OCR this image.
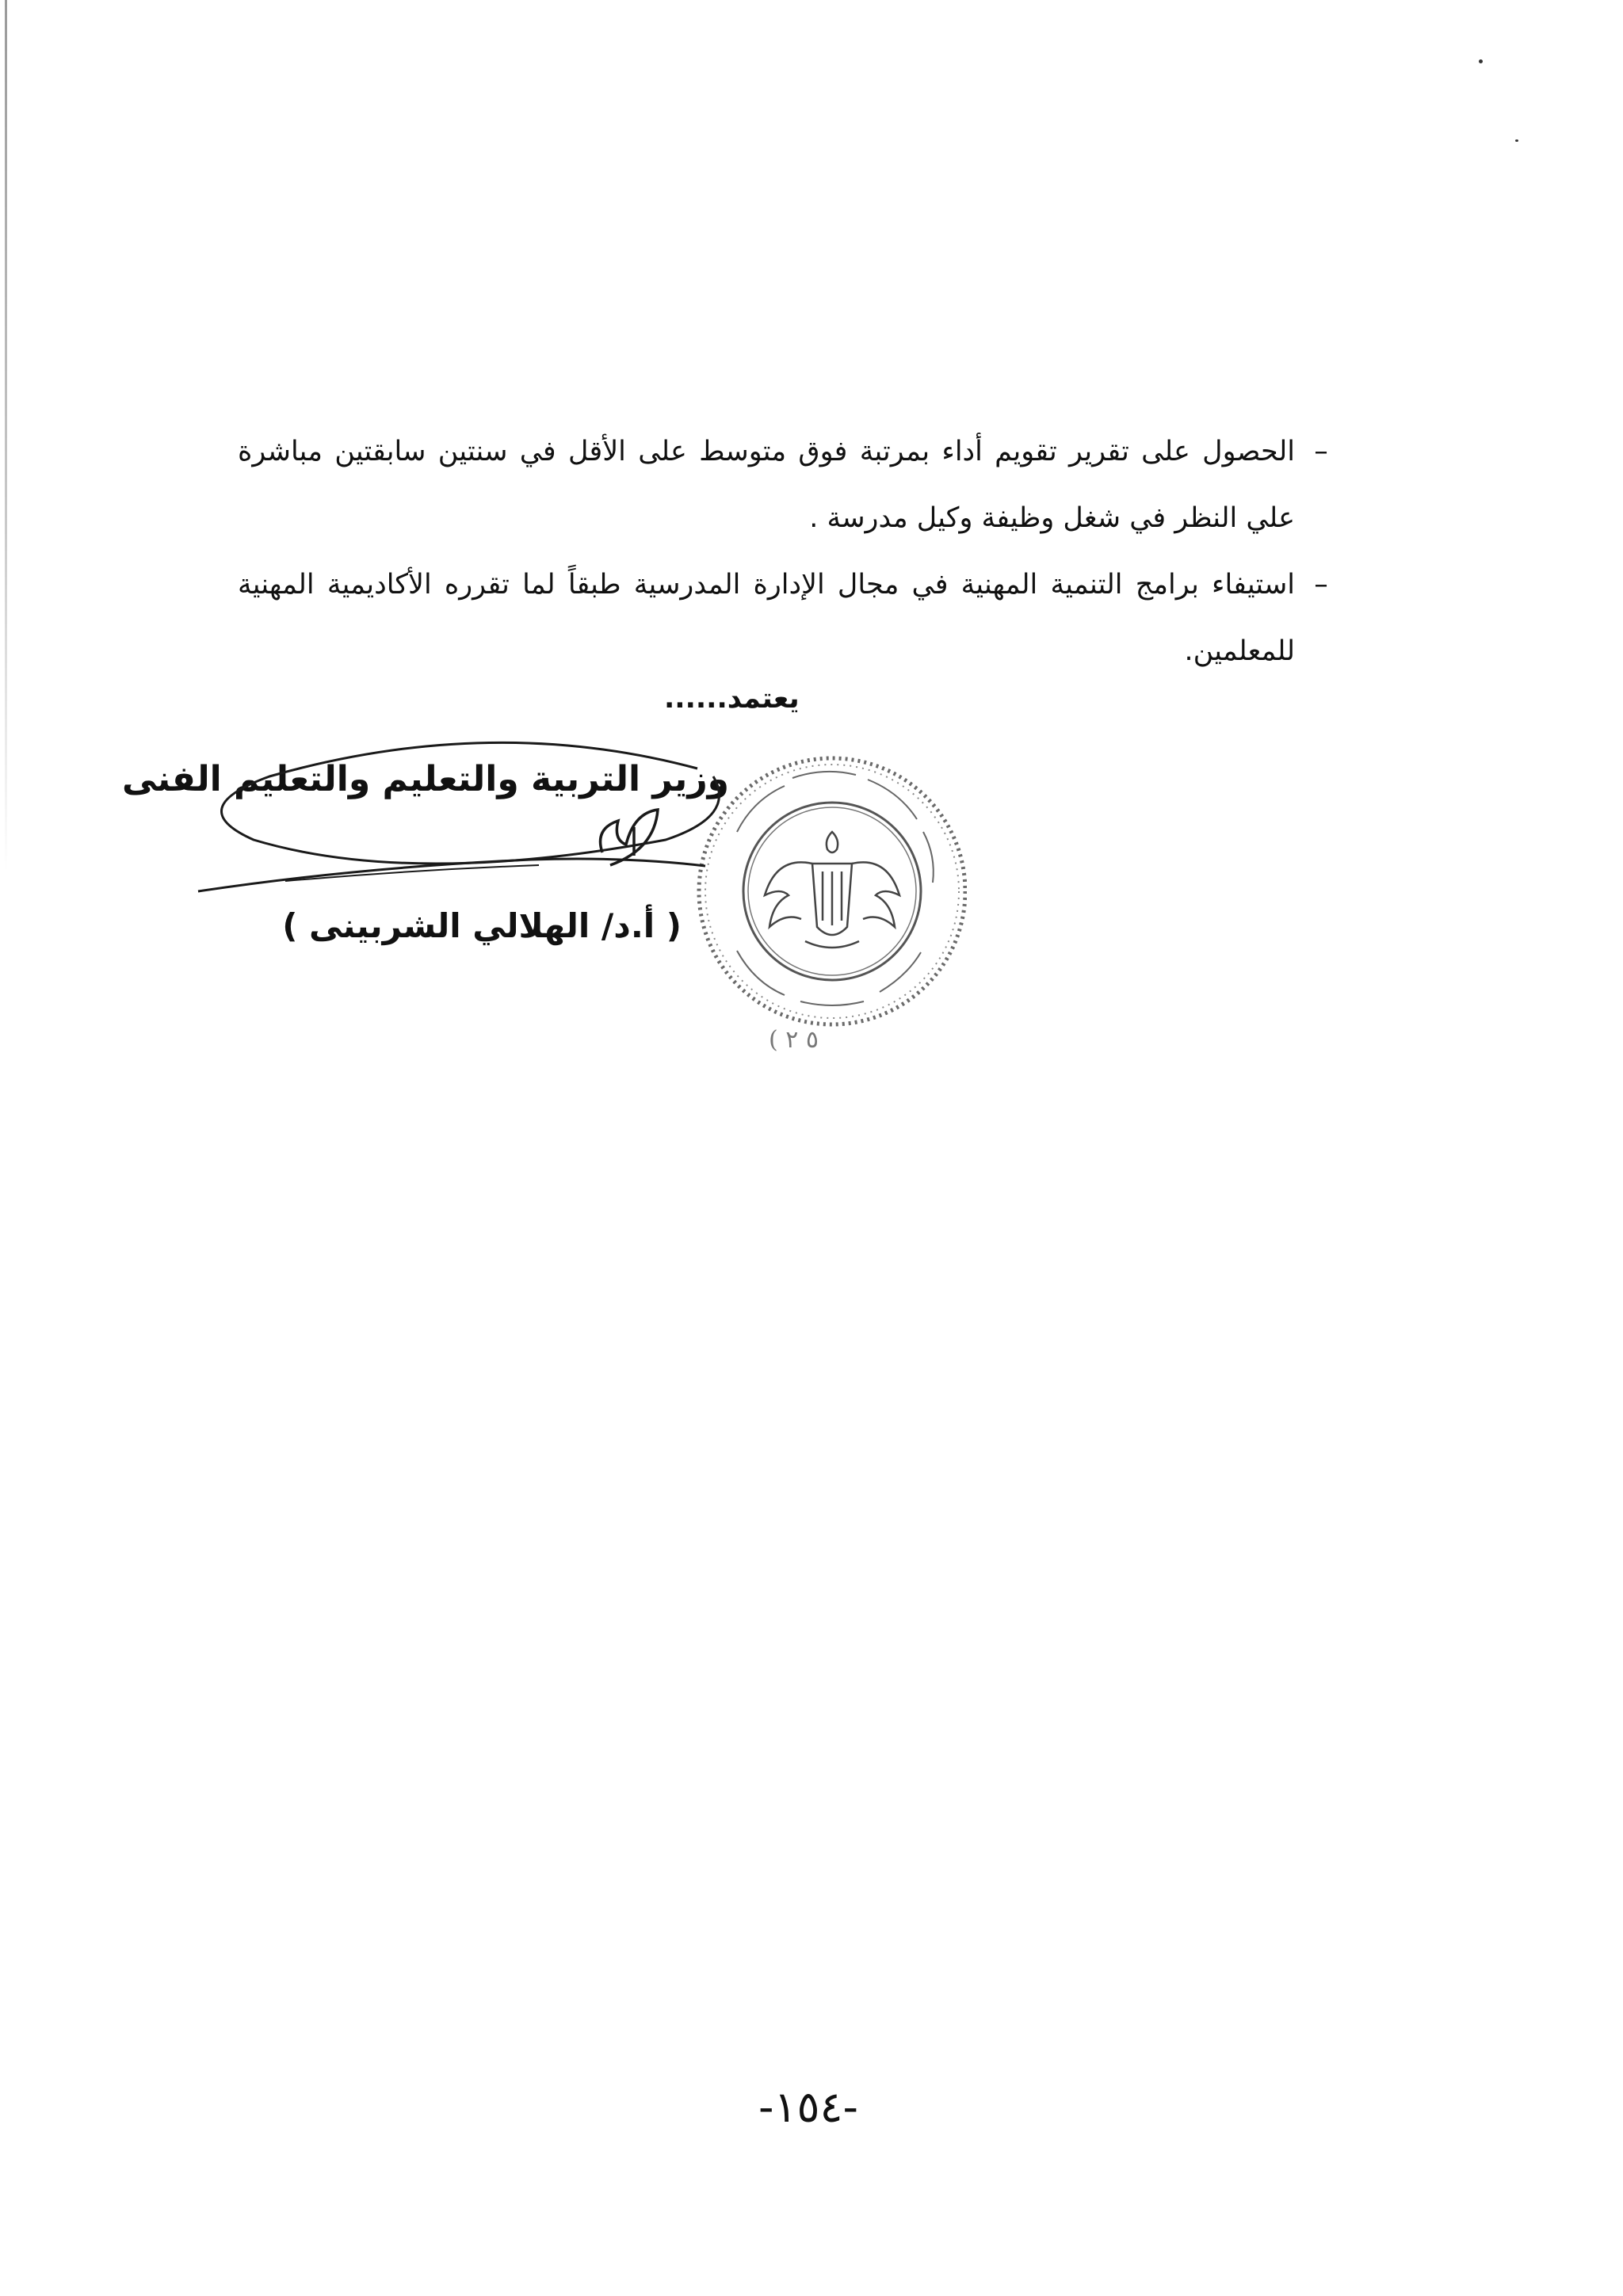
–
الحصول على تقرير تقويم أداء بمرتبة فوق متوسط على الأقل في سنتين سابقتين مباشرة علي النظر في شغل وظيفة وكيل مدرسة .
–
استيفاء برامج التنمية المهنية في مجال الإدارة المدرسية طبقاً لما تقرره الأكاديمية المهنية للمعلمين.
يعتمد......
( ٥ ٢
وزير التربية والتعليم والتعليم الفنى
( أ.د/ الهلالي الشربينى )
-١٥٤-
